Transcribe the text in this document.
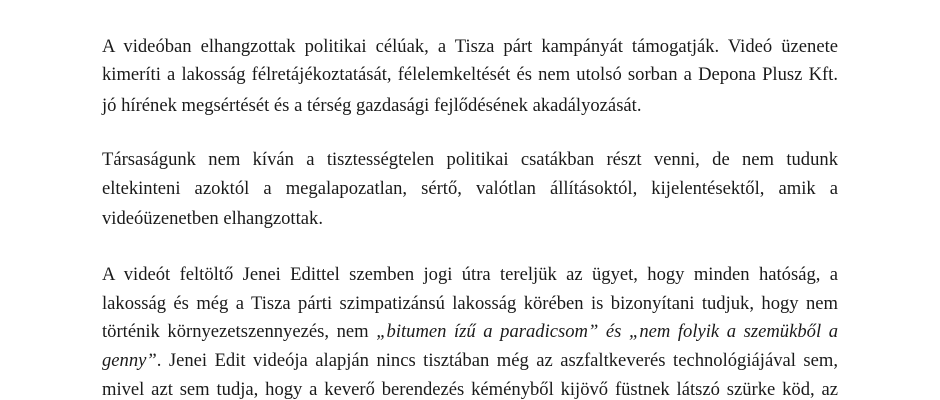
A videóban elhangzottak politikai célúak, a Tisza párt kampányát támogatják. Videó üzenete
kimeríti a lakosság félretájékoztatását, félelemkeltését és nem utolsó sorban a Depona Plusz Kft.
jó hírének megsértését és a térség gazdasági fejlődésének akadályozását.
Társaságunk nem kíván a tisztességtelen politikai csatákban részt venni, de nem tudunk
eltekinteni azoktól a megalapozatlan, sértő, valótlan állításoktól, kijelentésektől, amik a
videóüzenetben elhangzottak.
A videót feltöltő Jenei Edittel szemben jogi útra tereljük az ügyet, hogy minden hatóság, a
lakosság és még a Tisza párti szimpatizánsú lakosság körében is bizonyítani tudjuk, hogy nem
történik környezetszennyezés, nem „bitumen ízű a paradicsom” és „nem folyik a szemükből a
genny”. Jenei Edit videója alapján nincs tisztában még az aszfaltkeverés technológiájával sem,
mivel azt sem tudja, hogy a keverő berendezés kéményből kijövő füstnek látszó szürke köd, az
